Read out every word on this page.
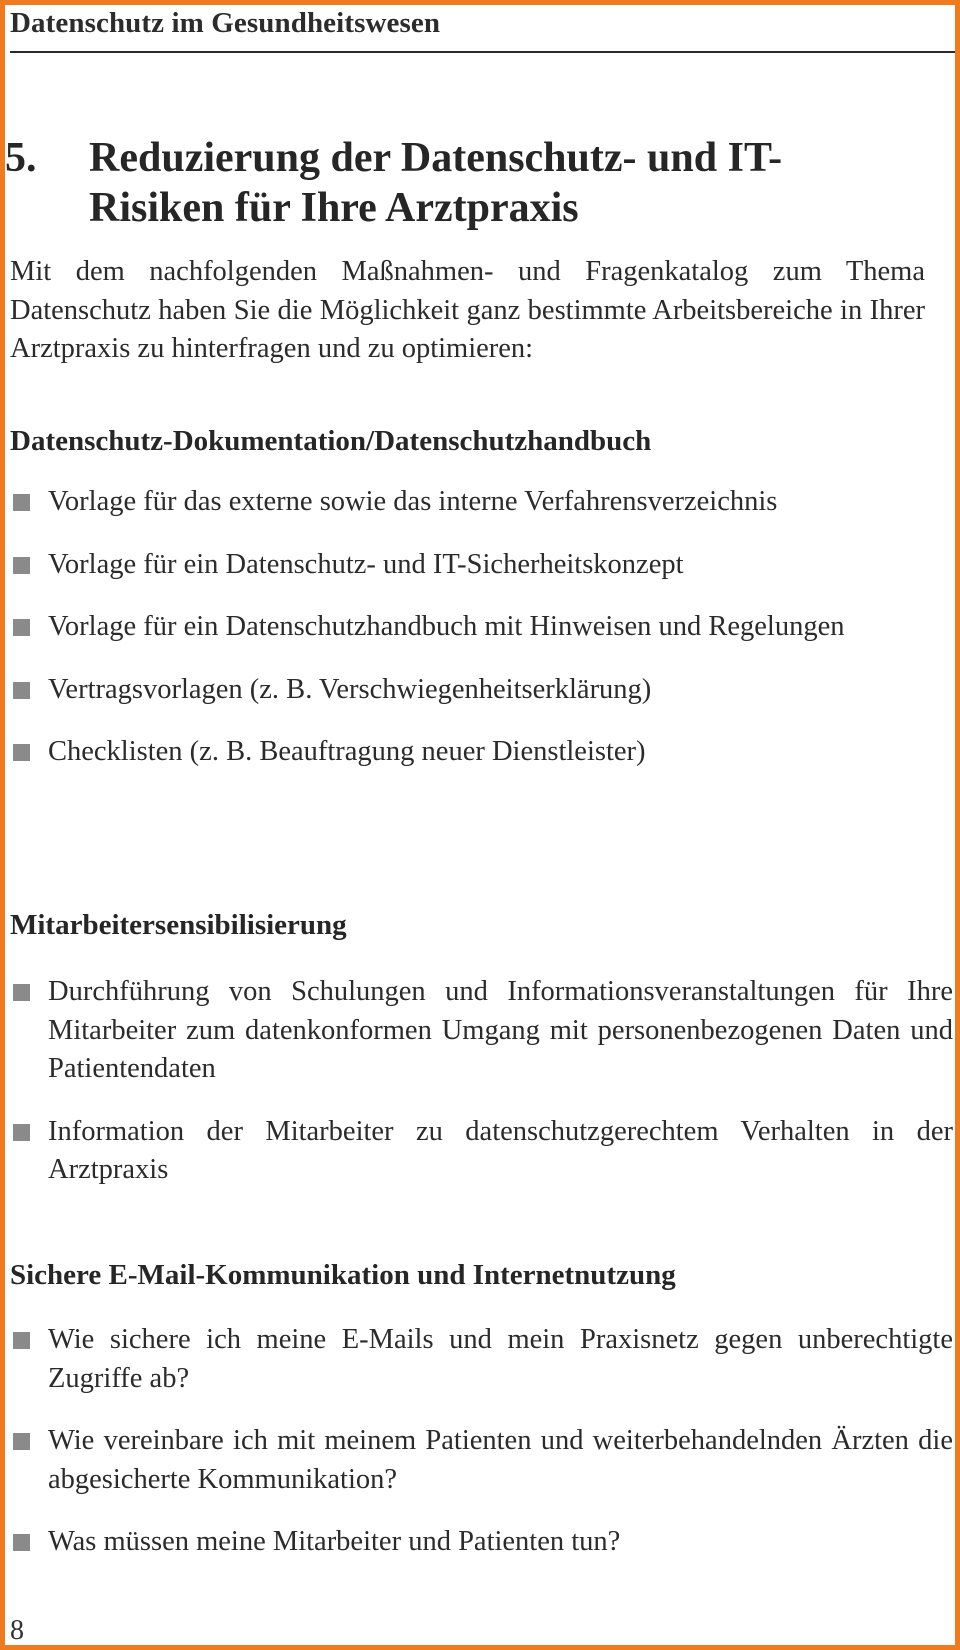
Datenschutz im Gesundheitswesen
5. Reduzierung der Datenschutz- und IT-Risiken für Ihre Arztpraxis

Mit dem nachfolgenden Maßnahmen- und Fragenkatalog zum Thema Datenschutz haben Sie die Möglichkeit ganz bestimmte Arbeitsbereiche in Ihrer Arztpraxis zu hinterfragen und zu optimieren:

Datenschutz-Dokumentation/Datenschutzhandbuch
Vorlage für das externe sowie das interne Verfahrensverzeichnis
Vorlage für ein Datenschutz- und IT-Sicherheitskonzept
Vorlage für ein Datenschutzhandbuch mit Hinweisen und Regelungen
Vertragsvorlagen (z. B. Verschwiegenheitserklärung)
Checklisten (z. B. Beauftragung neuer Dienstleister)
Mitarbeitersensibilisierung
Durchführung von Schulungen und Informationsveranstaltungen für Ihre Mitarbeiter zum datenkonformen Umgang mit personenbezogenen Daten und Patientendaten
Information der Mitarbeiter zu datenschutzgerechtem Verhalten in der Arztpraxis
Sichere E-Mail-Kommunikation und Internetnutzung
Wie sichere ich meine E-Mails und mein Praxisnetz gegen unberechtigte Zugriffe ab?
Wie vereinbare ich mit meinem Patienten und weiterbehandelnden Ärzten die abgesicherte Kommunikation?
Was müssen meine Mitarbeiter und Patienten tun?
8
